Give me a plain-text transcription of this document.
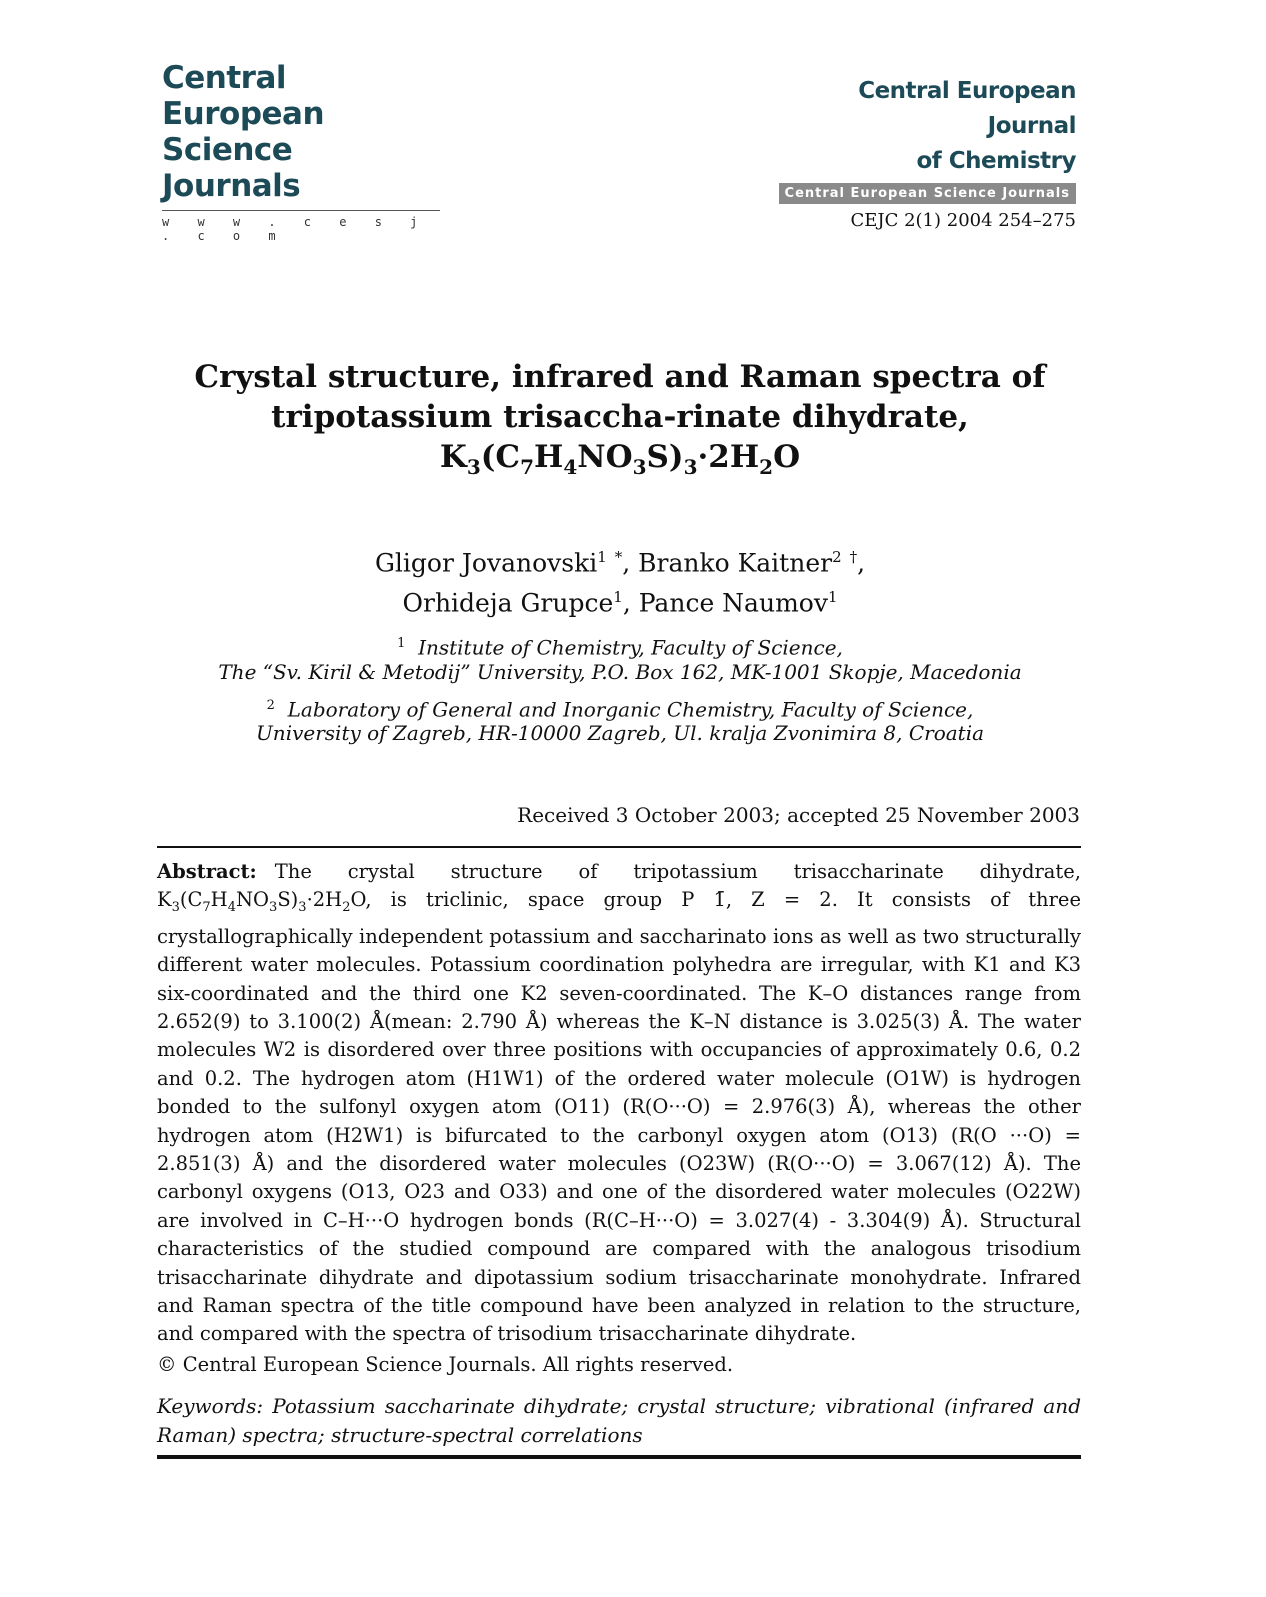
Central European
Science Journals
w w w . c e s j . c o m
Central European Journal
of Chemistry
Central European Science Journals
CEJC 2(1) 2004 254–275
Crystal structure, infrared and Raman spectra of
tripotassium trisaccha-rinate dihydrate,
$K_3(C_7H_4NO_3S)_3\cdot 2H_2O$
Gligor Jovanovski$^1$ *, Branko Kaitner$^2$ †,
Orhideja Grupce$^1$, Pance Naumov$^1$
$^1$ Institute of Chemistry, Faculty of Science,
The “Sv. Kiril & Metodij” University, P.O. Box 162, MK-1001 Skopje, Macedonia
$^2$ Laboratory of General and Inorganic Chemistry, Faculty of Science,
University of Zagreb, HR-10000 Zagreb, Ul. kralja Zvonimira 8, Croatia
Received 3 October 2003; accepted 25 November 2003
Abstract: The crystal structure of tripotassium trisaccharinate dihydrate, $K_3(C_7H_4NO_3S)_3\cdot 2H_2O$, is triclinic, space group P 1̄, Z = 2. It consists of three crystallographically independent potassium and saccharinato ions as well as two structurally different water molecules. Potassium coordination polyhedra are irregular, with K1 and K3 six-coordinated and the third one K2 seven-coordinated. The K–O distances range from 2.652(9) to 3.100(2) Å(mean: 2.790 Å) whereas the K–N distance is 3.025(3) Å. The water molecules W2 is disordered over three positions with occupancies of approximately 0.6, 0.2 and 0.2. The hydrogen atom (H1W1) of the ordered water molecule (O1W) is hydrogen bonded to the sulfonyl oxygen atom (O11) (R(O···O) = 2.976(3) Å), whereas the other hydrogen atom (H2W1) is bifurcated to the carbonyl oxygen atom (O13) (R(O ···O) = 2.851(3) Å) and the disordered water molecules (O23W) (R(O···O) = 3.067(12) Å). The carbonyl oxygens (O13, O23 and O33) and one of the disordered water molecules (O22W) are involved in C–H···O hydrogen bonds (R(C–H···O) = 3.027(4) - 3.304(9) Å). Structural characteristics of the studied compound are compared with the analogous trisodium trisaccharinate dihydrate and dipotassium sodium trisaccharinate monohydrate. Infrared and Raman spectra of the title compound have been analyzed in relation to the structure, and compared with the spectra of trisodium trisaccharinate dihydrate.
© Central European Science Journals. All rights reserved.
Keywords: Potassium saccharinate dihydrate; crystal structure; vibrational (infrared and Raman) spectra; structure-spectral correlations
